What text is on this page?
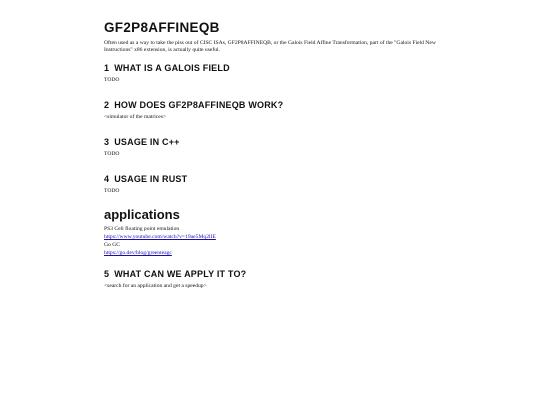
GF2P8AFFINEQB

Often used as a way to take the piss out of CISC ISAs, GF2P8AFFINEQB, or the Galois Field Affine Transformation, part of the "Galois Field New Instructions" x86 extension, is actually quite useful.

1 WHAT IS A GALOIS FIELD

TODO

2 HOW DOES GF2P8AFFINEQB WORK?

<simulator of the matrices>

3 USAGE IN C++

TODO

4 USAGE IN RUST

TODO

applications
PS3 Cell floating point emulation
https://www.youtube.com/watch?v=19ae5Mq2lIE
Go GC
https://go.dev/blog/greenteagc
5 WHAT CAN WE APPLY IT TO?

<search for an application and get a speedup>
